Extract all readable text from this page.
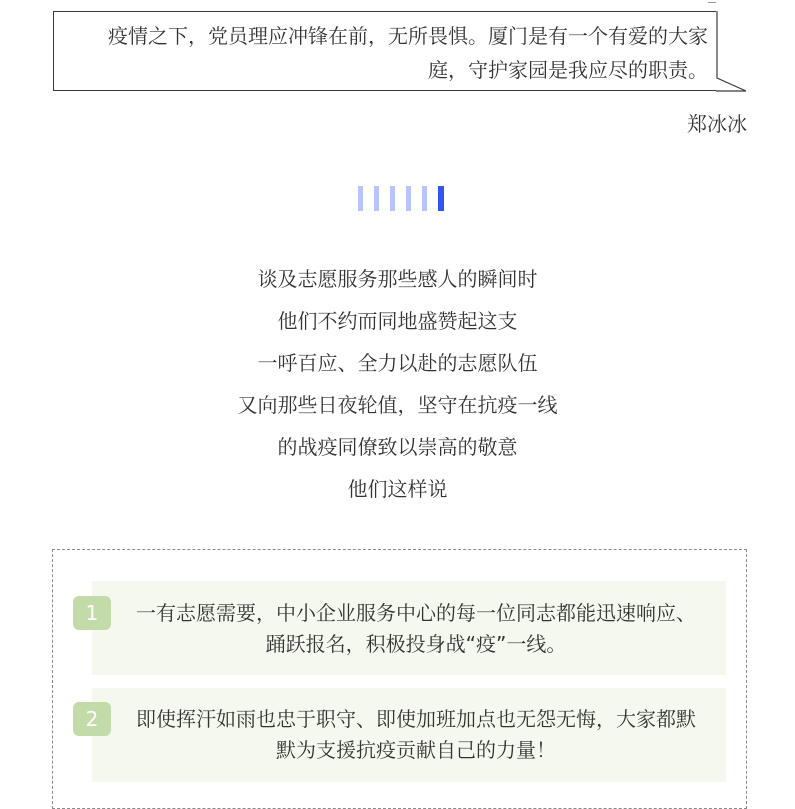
疫情之下，党员理应冲锋在前，无所畏惧。厦门是有一个有爱的大家
庭，守护家园是我应尽的职责。

郑冰冰
谈及志愿服务那些感人的瞬间时
他们不约而同地盛赞起这支
一呼百应、全力以赴的志愿队伍
又向那些日夜轮值，坚守在抗疫一线
的战疫同僚致以崇高的敬意
他们这样说
1	一有志愿需要，中小企业服务中心的每一位同志都能迅速响应、
踊跃报名，积极投身战“疫”一线。
2	即使挥汗如雨也忠于职守、即使加班加点也无怨无悔，大家都默
默为支援抗疫贡献自己的力量！
